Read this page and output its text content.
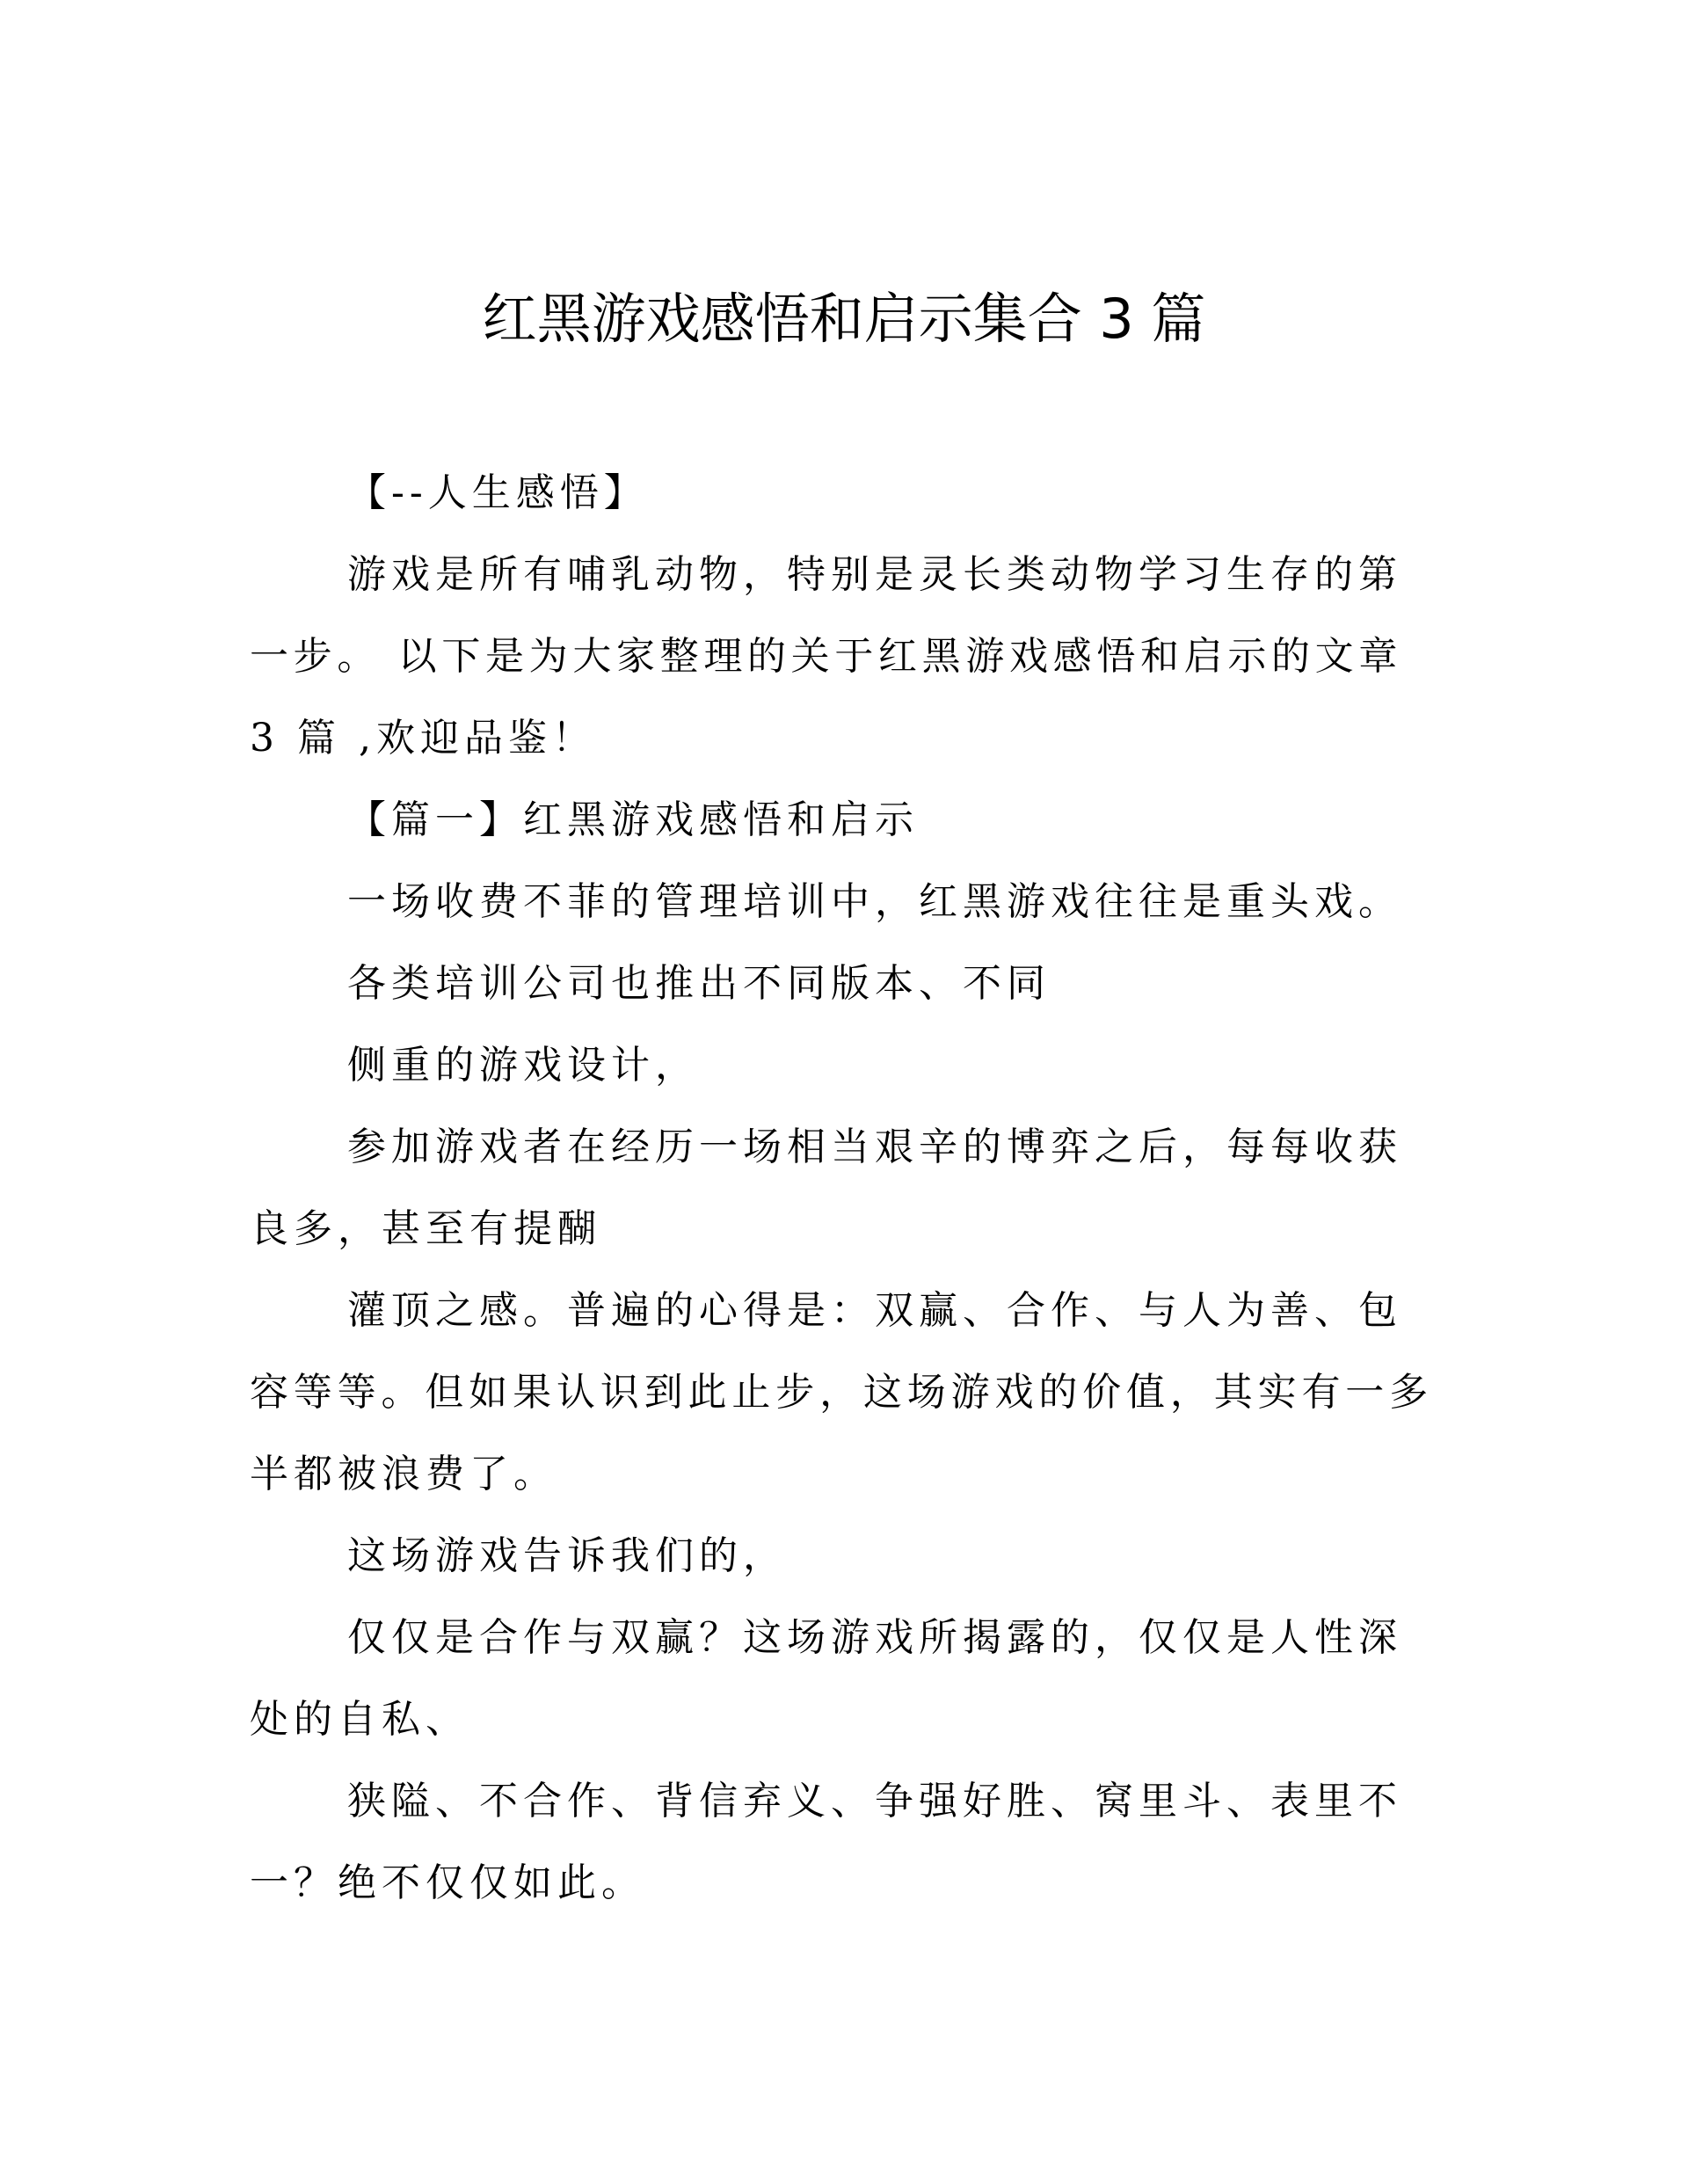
红黑游戏感悟和启示集合 3 篇
【--人生感悟】
游戏是所有哺乳动物，特别是灵长类动物学习生存的第
一步。 以下是为大家整理的关于红黑游戏感悟和启示的文章
3 篇 ,欢迎品鉴！
【篇一】红黑游戏感悟和启示
一场收费不菲的管理培训中，红黑游戏往往是重头戏。
各类培训公司也推出不同版本、不同
侧重的游戏设计，
参加游戏者在经历一场相当艰辛的博弈之后，每每收获
良多，甚至有提醐
灌顶之感。普遍的心得是：双赢、合作、与人为善、包
容等等。但如果认识到此止步，这场游戏的价值，其实有一多
半都被浪费了。
这场游戏告诉我们的，
仅仅是合作与双赢？这场游戏所揭露的，仅仅是人性深
处的自私、
狭隘、不合作、背信弃义、争强好胜、窝里斗、表里不
一？绝不仅仅如此。
